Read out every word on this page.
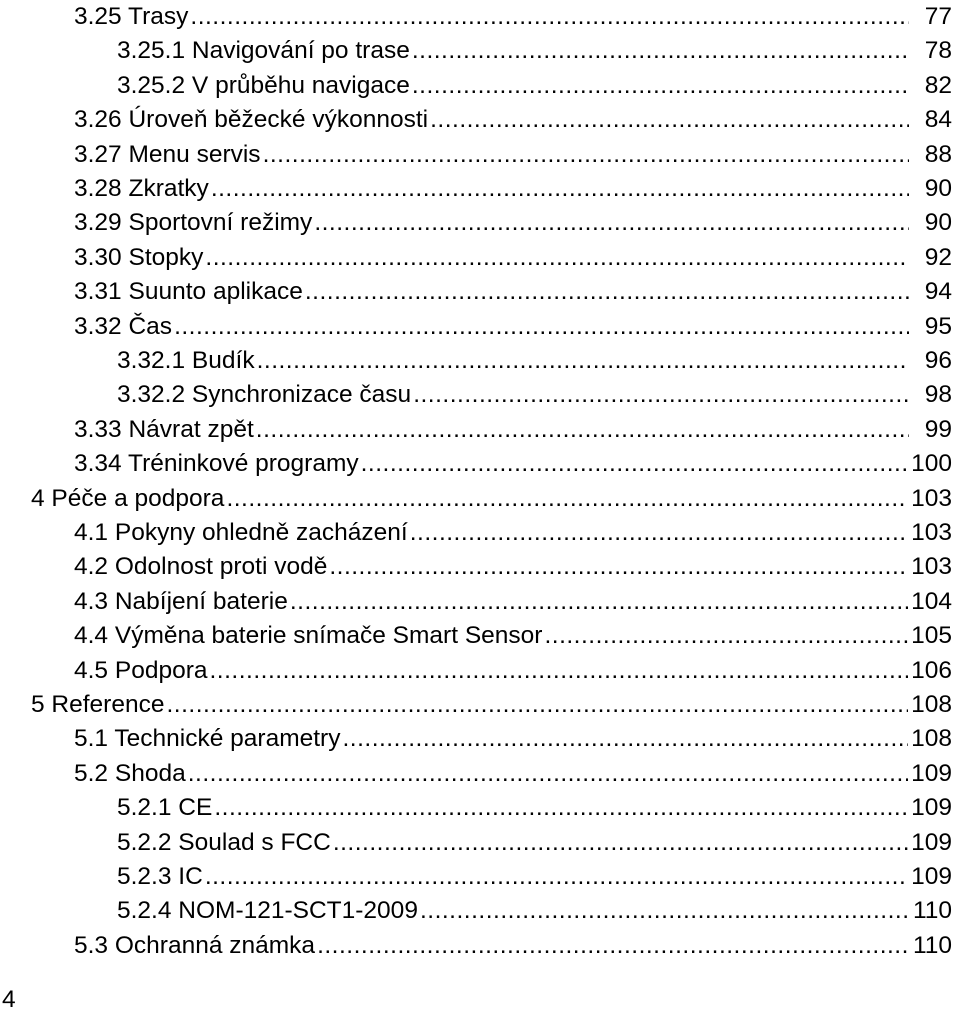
3.25 Trasy .....	77
3.25.1 Navigování po trase .....	78
3.25.2 V průběhu navigace .....	82
3.26 Úroveň běžecké výkonnosti .....	84
3.27 Menu servis .....	88
3.28 Zkratky .....	90
3.29 Sportovní režimy .....	90
3.30 Stopky .....	92
3.31 Suunto aplikace .....	94
3.32 Čas .....	95
3.32.1 Budík .....	96
3.32.2 Synchronizace času .....	98
3.33 Návrat zpět .....	99
3.34 Tréninkové programy .....	100
4 Péče a podpora .....	103
4.1 Pokyny ohledně zacházení .....	103
4.2 Odolnost proti vodě .....	103
4.3 Nabíjení baterie .....	104
4.4 Výměna baterie snímače Smart Sensor .....	105
4.5 Podpora .....	106
5 Reference .....	108
5.1 Technické parametry .....	108
5.2 Shoda .....	109
5.2.1 CE .....	109
5.2.2 Soulad s FCC .....	109
5.2.3 IC .....	109
5.2.4 NOM-121-SCT1-2009 .....	110
5.3 Ochranná známka .....	110
4
